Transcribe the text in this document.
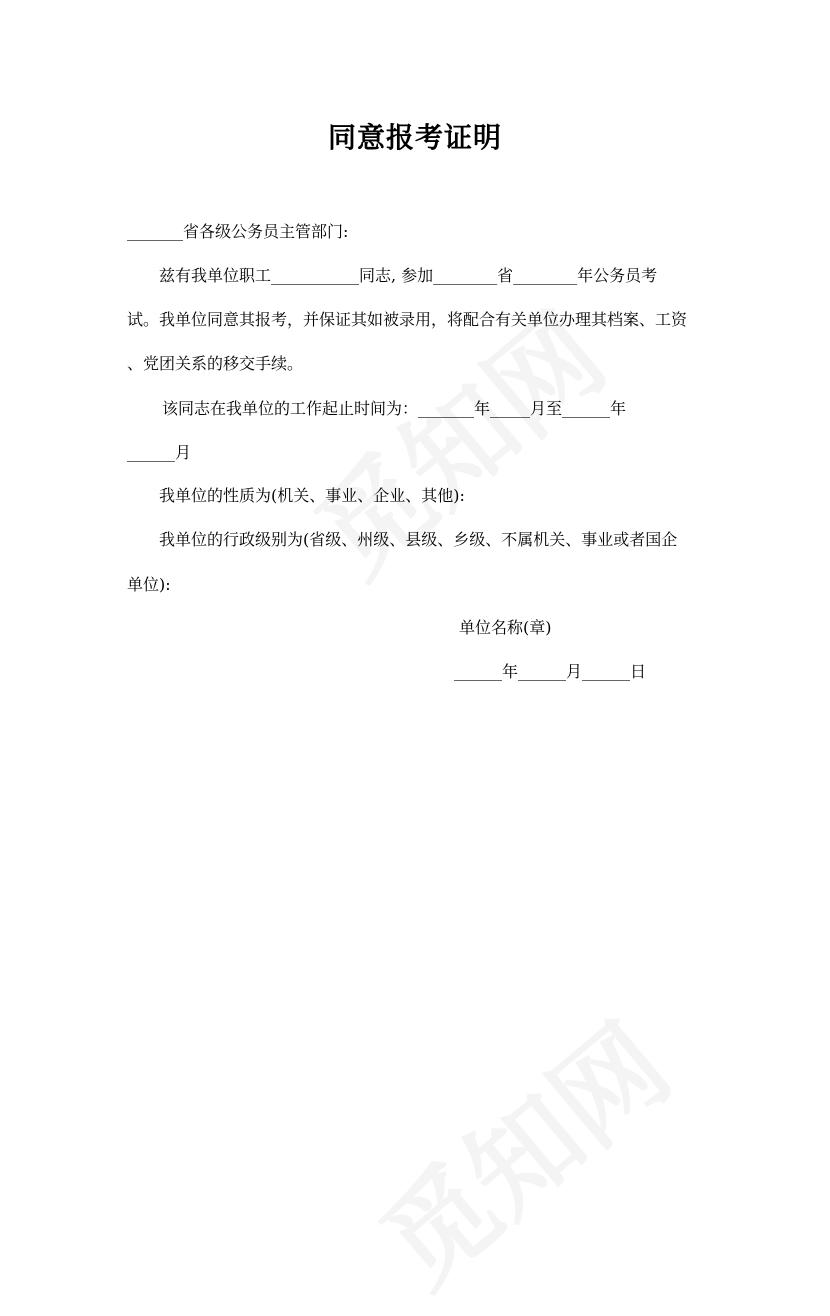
同意报考证明
_______省各级公务员主管部门:
兹有我单位职工___________同志, 参加________省________年公务员考
试。我单位同意其报考，并保证其如被录用，将配合有关单位办理其档案、工资
、党团关系的移交手续。
该同志在我单位的工作起止时间为：_______年_____月至______年
______月
我单位的性质为(机关、事业、企业、其他):
我单位的行政级别为(省级、州级、县级、乡级、不属机关、事业或者国企
单位):
单位名称(章)
______年______月______日
